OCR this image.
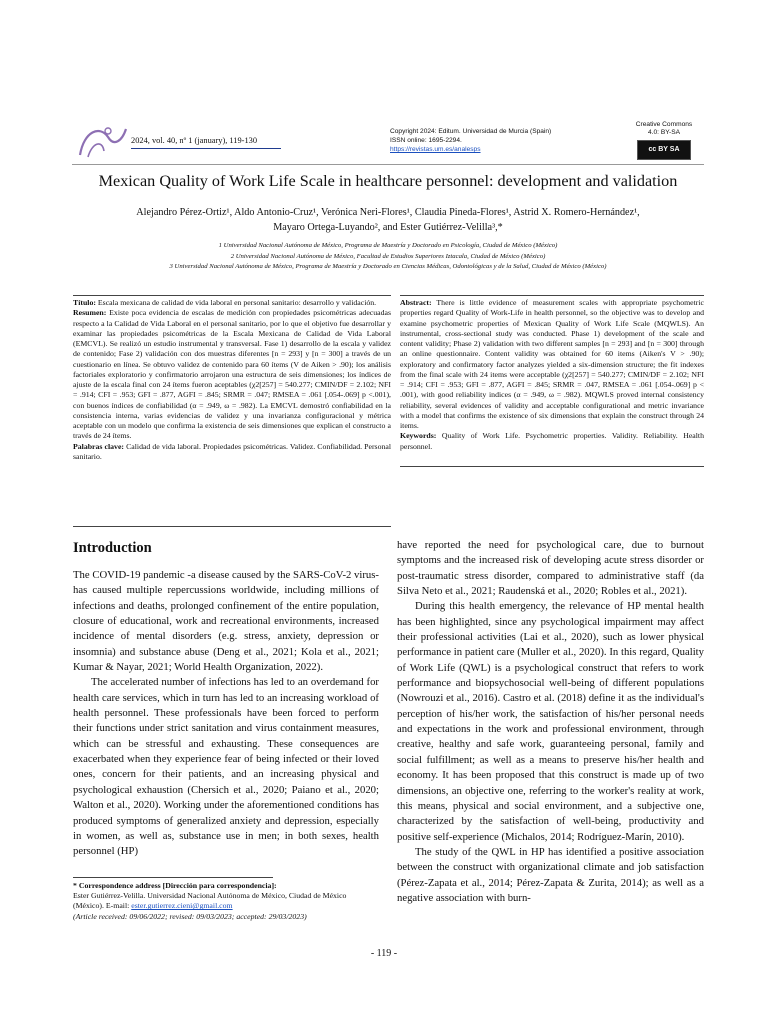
2024, vol. 40, nº 1 (january), 119-130
Copyright 2024: Editum. Universidad de Murcia (Spain)
ISSN online: 1695-2294.
https://revistas.um.es/analesps
Creative Commons
4.0: BY-SA
cc BY SA
Mexican Quality of Work Life Scale in healthcare personnel: development and validation
Alejandro Pérez-Ortiz¹, Aldo Antonio-Cruz¹, Verónica Neri-Flores¹, Claudia Pineda-Flores¹, Astrid X. Romero-Hernández¹,
Mayaro Ortega-Luyando², and Ester Gutiérrez-Velilla³,*
1 Universidad Nacional Autónoma de México, Programa de Maestría y Doctorado en Psicología, Ciudad de México (México)
2 Universidad Nacional Autónoma de México, Facultad de Estudios Superiores Iztacala, Ciudad de México (México)
3 Universidad Nacional Autónoma de México, Programa de Maestría y Doctorado en Ciencias Médicas, Odontológicas y de la Salud, Ciudad de México (México)
Título: Escala mexicana de calidad de vida laboral en personal sanitario: desarrollo y validación.
Resumen: Existe poca evidencia de escalas de medición con propiedades psicométricas adecuadas respecto a la Calidad de Vida Laboral en el personal sanitario, por lo que el objetivo fue desarrollar y examinar las propiedades psicométricas de la Escala Mexicana de Calidad de Vida Laboral (EMCVL). Se realizó un estudio instrumental y transversal. Fase 1) desarrollo de la escala y validez de contenido; Fase 2) validación con dos muestras diferentes [n = 293] y [n = 300] a través de un cuestionario en línea. Se obtuvo validez de contenido para 60 ítems (V de Aiken > .90); los análisis factoriales exploratorio y confirmatorio arrojaron una estructura de seis dimensiones; los índices de ajuste de la escala final con 24 ítems fueron aceptables (χ2[257] = 540.277; CMIN/DF = 2.102; NFI = .914; CFI = .953; GFI = .877, AGFI = .845; SRMR = .047; RMSEA = .061 [.054-.069] p <.001), con buenos índices de confiabilidad (α = .949, ω = .982). La EMCVL demostró confiabilidad en la consistencia interna, varias evidencias de validez y una invarianza configuracional y métrica aceptable con un modelo que confirma la existencia de seis dimensiones que explican el constructo a través de 24 ítems.
Palabras clave: Calidad de vida laboral. Propiedades psicométricas. Validez. Confiabilidad. Personal sanitario.
Abstract: There is little evidence of measurement scales with appropriate psychometric properties regard Quality of Work-Life in health personnel, so the objective was to develop and examine psychometric properties of Mexican Quality of Work Life Scale (MQWLS). An instrumental, cross-sectional study was conducted. Phase 1) development of the scale and content validity; Phase 2) validation with two different samples [n = 293] and [n = 300] through an online questionnaire. Content validity was obtained for 60 items (Aiken's V > .90); exploratory and confirmatory factor analyzes yielded a six-dimension structure; the fit indexes from the final scale with 24 items were acceptable (χ2[257] = 540.277; CMIN/DF = 2.102; NFI = .914; CFI = .953; GFI = .877, AGFI = .845; SRMR = .047, RMSEA = .061 [.054-.069] p < .001), with good reliability indices (α = .949, ω = .982). MQWLS proved internal consistency reliability, several evidences of validity and acceptable configurational and metric invariance with a model that confirms the existence of six dimensions that explain the construct through 24 items.
Keywords: Quality of Work Life. Psychometric properties. Validity. Reliability. Health personnel.
Introduction

The COVID-19 pandemic -a disease caused by the SARS-CoV-2 virus- has caused multiple repercussions worldwide, including millions of infections and deaths, prolonged confinement of the entire population, closure of educational, work and recreational environments, increased incidence of mental disorders (e.g. stress, anxiety, depression or insomnia) and substance abuse (Deng et al., 2021; Kola et al., 2021; Kumar & Nayar, 2021; World Health Organization, 2022).

The accelerated number of infections has led to an overdemand for health care services, which in turn has led to an increasing workload of health personnel. These professionals have been forced to perform their functions under strict sanitation and virus containment measures, which can be stressful and exhausting. These consequences are exacerbated when they experience fear of being infected or their loved ones, concern for their patients, and an increasing physical and psychological exhaustion (Chersich et al., 2020; Paiano et al., 2020; Walton et al., 2020). Working under the aforementioned conditions has produced symptoms of generalized anxiety and depression, especially in women, as well as, substance use in men; in both sexes, health personnel (HP)

have reported the need for psychological care, due to burnout symptoms and the increased risk of developing acute stress disorder or post-traumatic stress disorder, compared to administrative staff (da Silva Neto et al., 2021; Raudenská et al., 2020; Robles et al., 2021).

During this health emergency, the relevance of HP mental health has been highlighted, since any psychological impairment may affect their professional activities (Lai et al., 2020), such as lower physical performance in patient care (Muller et al., 2020). In this regard, Quality of Work Life (QWL) is a psychological construct that refers to work performance and biopsychosocial well-being of different populations (Nowrouzi et al., 2016). Castro et al. (2018) define it as the individual's perception of his/her work, the satisfaction of his/her personal needs and expectations in the work and professional environment, through creative, healthy and safe work, guaranteeing personal, family and social fulfillment; as well as a means to preserve his/her health and economy. It has been proposed that this construct is made up of two dimensions, an objective one, referring to the worker's reality at work, this means, physical and social environment, and a subjective one, characterized by the satisfaction of well-being, productivity and positive self-experience (Michalos, 2014; Rodríguez-Marín, 2010).

The study of the QWL in HP has identified a positive association between the construct with organizational climate and job satisfaction (Pérez-Zapata et al., 2014; Pérez-Zapata & Zurita, 2014); as well as a negative association with burn-

* Correspondence address [Dirección para correspondencia]:
Ester Gutiérrez-Velilla. Universidad Nacional Autónoma de México, Ciudad de México (México). E-mail: ester.gutierrez.cieni@gmail.com
(Article received: 09/06/2022; revised: 09/03/2023; accepted: 29/03/2023)
- 119 -
